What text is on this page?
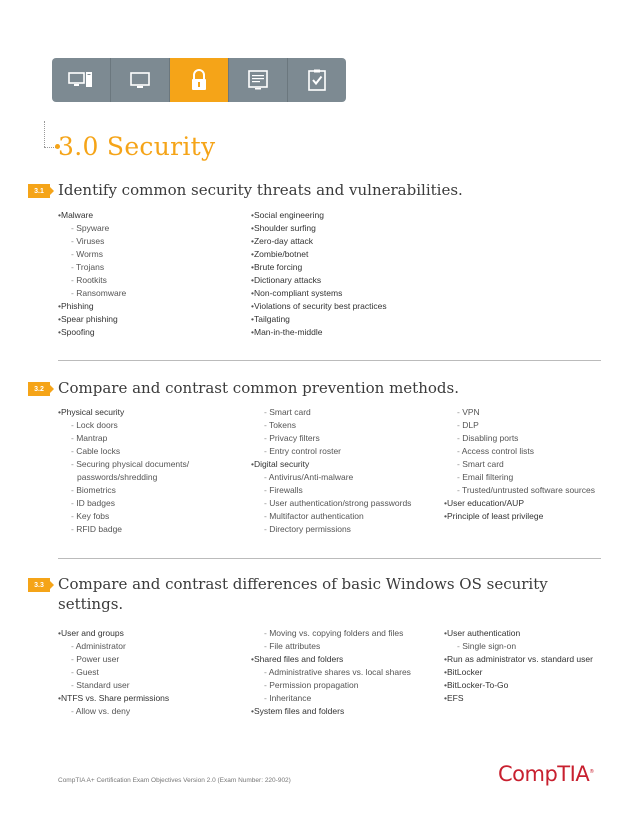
3.0 Security
3.1 Identify common security threats and vulnerabilities.
• Malware
- Spyware
- Viruses
- Worms
- Trojans
- Rootkits
- Ransomware
• Phishing
• Spear phishing
• Spoofing
• Social engineering
• Shoulder surfing
• Zero-day attack
• Zombie/botnet
• Brute forcing
• Dictionary attacks
• Non-compliant systems
• Violations of security best practices
• Tailgating
• Man-in-the-middle
3.2 Compare and contrast common prevention methods.
• Physical security
- Lock doors
- Mantrap
- Cable locks
- Securing physical documents/
passwords/shredding
- Biometrics
- ID badges
- Key fobs
- RFID badge
- Smart card
- Tokens
- Privacy filters
- Entry control roster
• Digital security
- Antivirus/Anti-malware
- Firewalls
- User authentication/strong passwords
- Multifactor authentication
- Directory permissions
- VPN
- DLP
- Disabling ports
- Access control lists
- Smart card
- Email filtering
- Trusted/untrusted software sources
• User education/AUP
• Principle of least privilege
3.3 Compare and contrast differences of basic Windows OS security settings.
• User and groups
- Administrator
- Power user
- Guest
- Standard user
• NTFS vs. Share permissions
- Allow vs. deny
- Moving vs. copying folders and files
- File attributes
• Shared files and folders
- Administrative shares vs. local shares
- Permission propagation
- Inheritance
• System files and folders
• User authentication
- Single sign-on
• Run as administrator vs. standard user
• BitLocker
• BitLocker-To-Go
• EFS
CompTIA A+ Certification Exam Objectives Version 2.0 (Exam Number: 220-902)	CompTIA®
